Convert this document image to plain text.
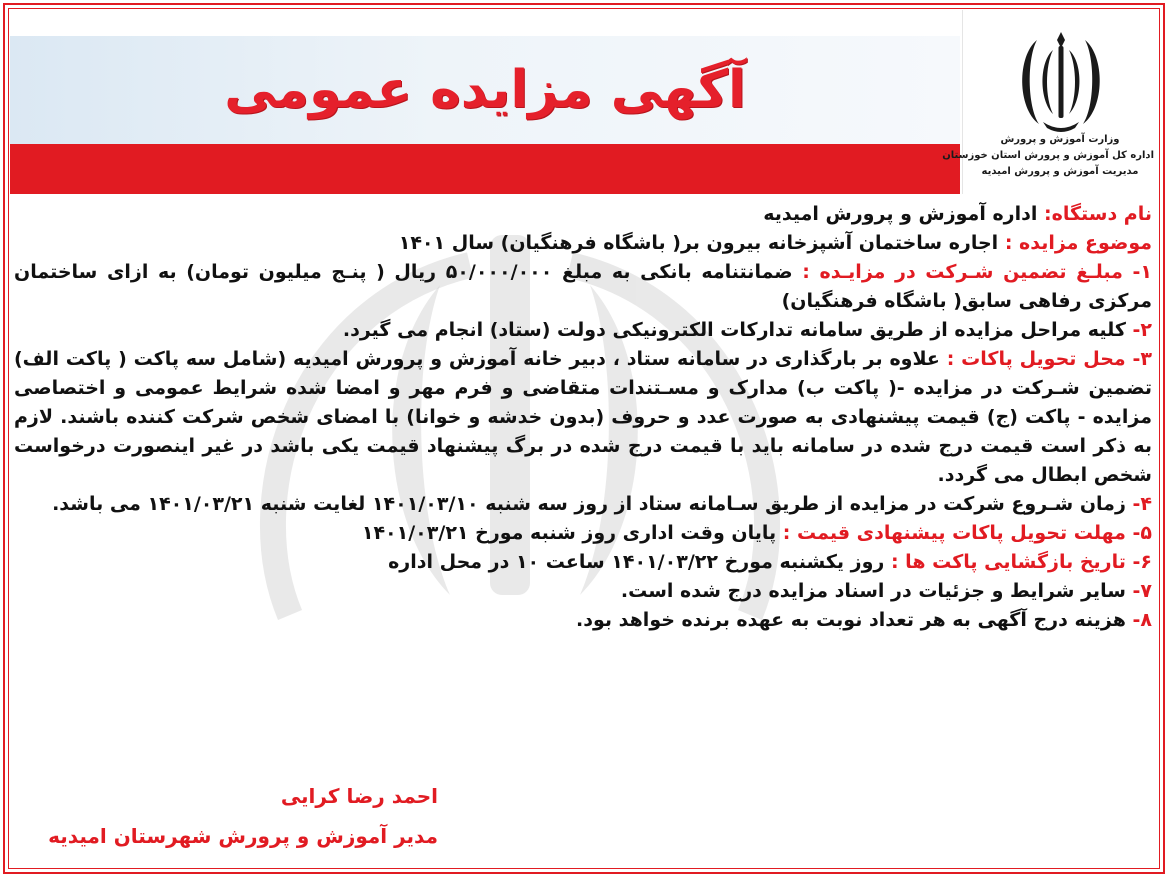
آگهی مزایده عمومی
وزارت آموزش و پرورش
اداره کل آموزش و پرورش استان خوزستان
مدیریت آموزش و پرورش امیدیه

نام دستگاه: اداره آموزش و پرورش امیدیه

موضوع مزایده : اجاره ساختمان آشپزخانه بیرون بر( باشگاه فرهنگیان) سال ۱۴۰۱

۱- مبلـغ تضمین شـرکت در مزایـده : ضمانتنامه بانکی به مبلغ ۵۰/۰۰۰/۰۰۰ ریال ( پنـج میلیون تومان) به ازای ساختمان مرکزی رفاهی سابق( باشگاه فرهنگیان)

۲- کلیه مراحل مزایده از طریق سامانه تدارکات الکترونیکی دولت (ستاد) انجام می گیرد.

۳- محل تحویل پاکات : علاوه بر بارگذاری در سامانه ستاد ، دبیر خانه آموزش و پرورش امیدیه (شامل سه پاکت ( پاکت الف) تضمین شـرکت در مزایده -( پاکت ب) مدارک و مسـتندات متقاضی و فرم مهر و امضا شده شرایط عمومی و اختصاصی مزایده - پاکت (ج) قیمت پیشنهادی به صورت عدد و حروف (بدون خدشه و خوانا) با امضای شخص شرکت کننده باشند. لازم به ذکر است قیمت درج شده در سامانه باید با قیمت درج شده در برگ پیشنهاد قیمت یکی باشد در غیر اینصورت درخواست شخص ابطال می گردد.

۴- زمان شـروع شرکت در مزایده از طریق سـامانه ستاد از روز سه شنبه ۱۴۰۱/۰۳/۱۰ لغایت شنبه ۱۴۰۱/۰۳/۲۱ می باشد.

۵- مهلت تحویل پاکات پیشنهادی قیمت : پایان وقت اداری روز شنبه مورخ ۱۴۰۱/۰۳/۲۱

۶- تاریخ بازگشایی پاکت ها : روز یکشنبه مورخ ۱۴۰۱/۰۳/۲۲ ساعت ۱۰ در محل اداره

۷- سایر شرایط و جزئیات در اسناد مزایده درج شده است.

۸- هزینه درج آگهی به هر تعداد نوبت به عهده برنده خواهد بود.

احمد رضا کرایی
مدیر آموزش و پرورش شهرستان امیدیه
